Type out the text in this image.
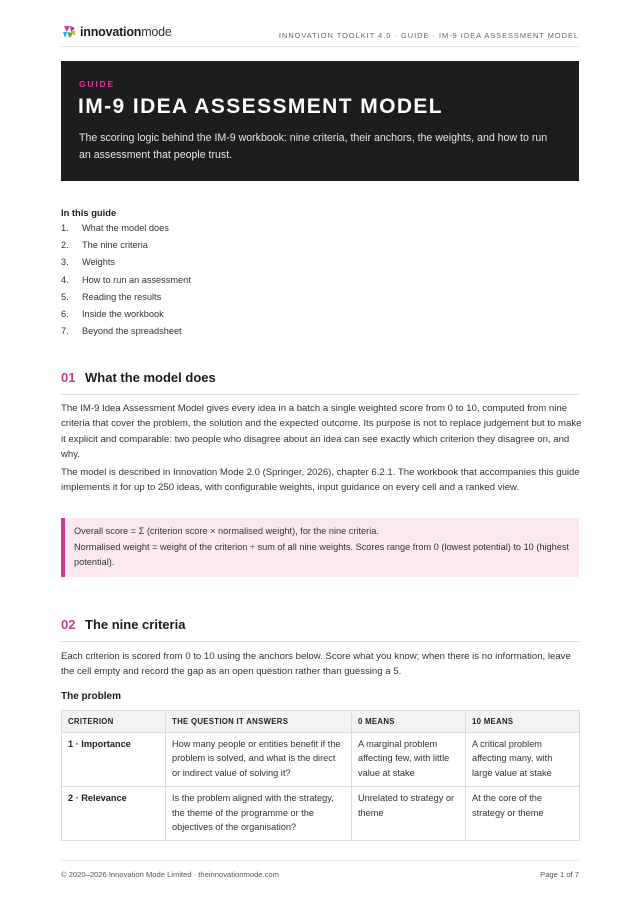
innovationmode	INNOVATION TOOLKIT 4.0 · GUIDE · IM-9 IDEA ASSESSMENT MODEL
GUIDE
IM-9 IDEA ASSESSMENT MODEL
The scoring logic behind the IM-9 workbook: nine criteria, their anchors, the weights, and how to run an assessment that people trust.
In this guide
1.	What the model does
2.	The nine criteria
3.	Weights
4.	How to run an assessment
5.	Reading the results
6.	Inside the workbook
7.	Beyond the spreadsheet
01 What the model does

The IM-9 Idea Assessment Model gives every idea in a batch a single weighted score from 0 to 10, computed from nine criteria that cover the problem, the solution and the expected outcome. Its purpose is not to replace judgement but to make it explicit and comparable: two people who disagree about an idea can see exactly which criterion they disagree on, and why.

The model is described in Innovation Mode 2.0 (Springer, 2026), chapter 6.2.1. The workbook that accompanies this guide implements it for up to 250 ideas, with configurable weights, input guidance on every cell and a ranked view.

Overall score = Σ (criterion score × normalised weight), for the nine criteria.

Normalised weight = weight of the criterion ÷ sum of all nine weights. Scores range from 0 (lowest potential) to 10 (highest potential).

02 The nine criteria

Each criterion is scored from 0 to 10 using the anchors below. Score what you know; when there is no information, leave the cell empty and record the gap as an open question rather than guessing a 5.

The problem
CRITERION	THE QUESTION IT ANSWERS	0 MEANS	10 MEANS
1 · Importance	How many people or entities benefit if the problem is solved, and what is the direct or indirect value of solving it?	A marginal problem affecting few, with little value at stake	A critical problem affecting many, with large value at stake
2 · Relevance	Is the problem aligned with the strategy, the theme of the programme or the objectives of the organisation?	Unrelated to strategy or theme	At the core of the strategy or theme
© 2020–2026 Innovation Mode Limited · theinnovationmode.com	Page 1 of 7
